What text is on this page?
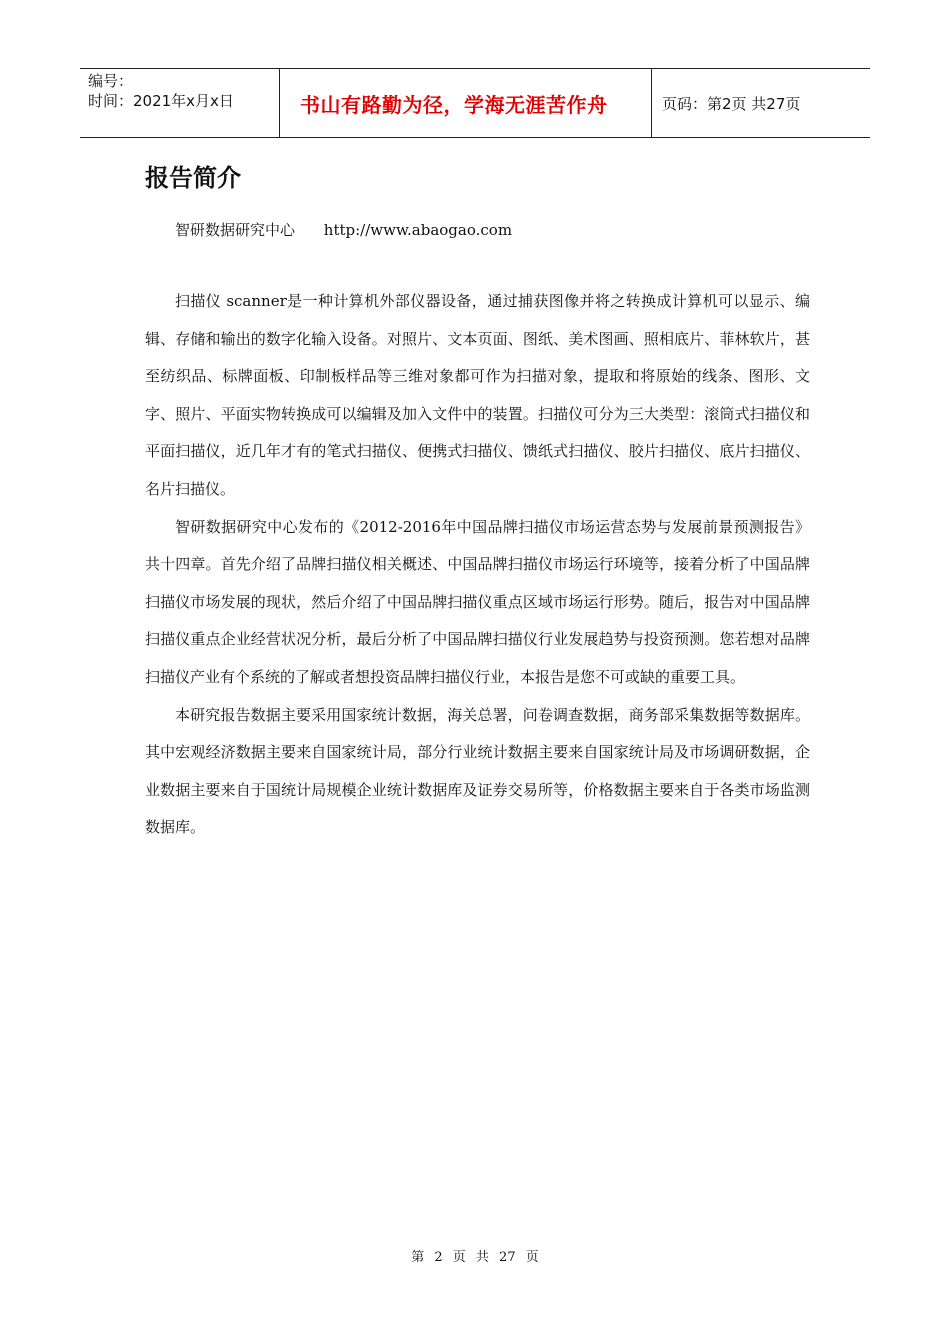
编号：
时间：2021年x月x日	书山有路勤为径，学海无涯苦作舟	页码：第2页 共27页
报告简介
智研数据研究中心 http://www.abaogao.com

扫描仪 scanner是一种计算机外部仪器设备，通过捕获图像并将之转换成计算机可以显示、编辑、存储和输出的数字化输入设备。对照片、文本页面、图纸、美术图画、照相底片、菲林软片，甚至纺织品、标牌面板、印制板样品等三维对象都可作为扫描对象，提取和将原始的线条、图形、文字、照片、平面实物转换成可以编辑及加入文件中的装置。扫描仪可分为三大类型：滚筒式扫描仪和平面扫描仪，近几年才有的笔式扫描仪、便携式扫描仪、馈纸式扫描仪、胶片扫描仪、底片扫描仪、名片扫描仪。

智研数据研究中心发布的《2012-2016年中国品牌扫描仪市场运营态势与发展前景预测报告》共十四章。首先介绍了品牌扫描仪相关概述、中国品牌扫描仪市场运行环境等，接着分析了中国品牌扫描仪市场发展的现状，然后介绍了中国品牌扫描仪重点区域市场运行形势。随后，报告对中国品牌扫描仪重点企业经营状况分析，最后分析了中国品牌扫描仪行业发展趋势与投资预测。您若想对品牌扫描仪产业有个系统的了解或者想投资品牌扫描仪行业，本报告是您不可或缺的重要工具。

本研究报告数据主要采用国家统计数据，海关总署，问卷调查数据，商务部采集数据等数据库。其中宏观经济数据主要来自国家统计局，部分行业统计数据主要来自国家统计局及市场调研数据，企业数据主要来自于国统计局规模企业统计数据库及证券交易所等，价格数据主要来自于各类市场监测数据库。

第 2 页 共 27 页
